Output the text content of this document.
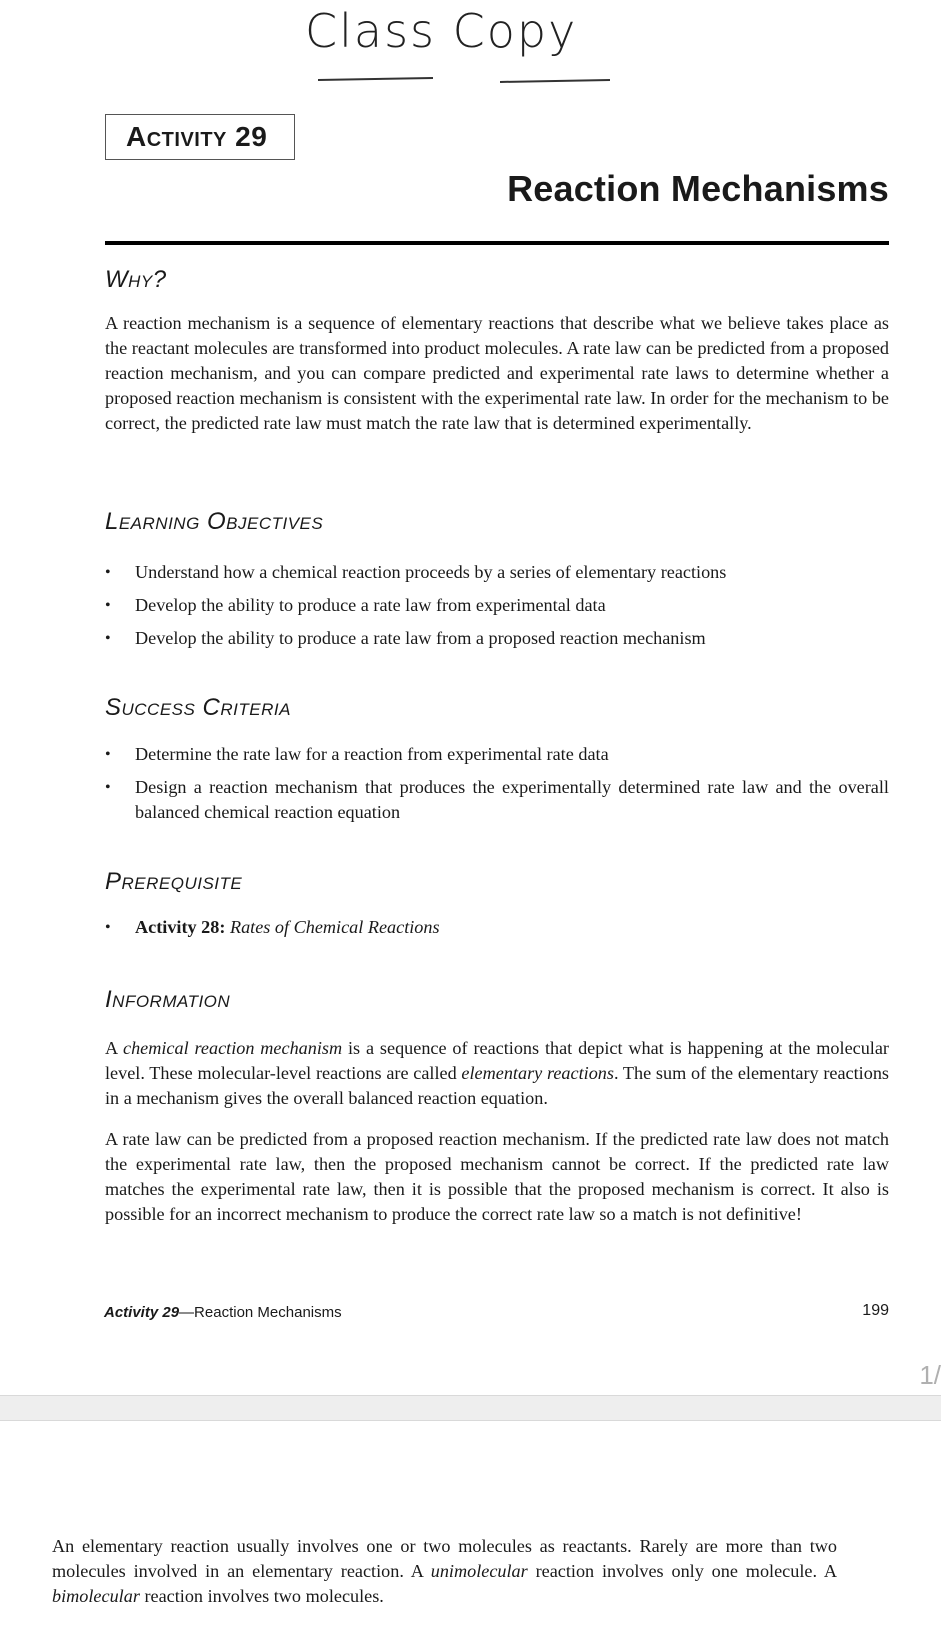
Class Copy
Activity 29
Reaction Mechanisms
Why?
A reaction mechanism is a sequence of elementary reactions that describe what we believe takes place as the reactant molecules are transformed into product molecules. A rate law can be predicted from a proposed reaction mechanism, and you can compare predicted and experimental rate laws to determine whether a proposed reaction mechanism is consistent with the experimental rate law. In order for the mechanism to be correct, the predicted rate law must match the rate law that is determined experimentally.
Learning Objectives
• Understand how a chemical reaction proceeds by a series of elementary reactions
• Develop the ability to produce a rate law from experimental data
• Develop the ability to produce a rate law from a proposed reaction mechanism
Success Criteria
• Determine the rate law for a reaction from experimental rate data
• Design a reaction mechanism that produces the experimentally determined rate law and the overall balanced chemical reaction equation
Prerequisite
• Activity 28: Rates of Chemical Reactions
Information
A chemical reaction mechanism is a sequence of reactions that depict what is happening at the molecular level. These molecular-level reactions are called elementary reactions. The sum of the elementary reactions in a mechanism gives the overall balanced reaction equation.
A rate law can be predicted from a proposed reaction mechanism. If the predicted rate law does not match the experimental rate law, then the proposed mechanism cannot be correct. If the predicted rate law matches the experimental rate law, then it is possible that the proposed mechanism is correct. It also is possible for an incorrect mechanism to produce the correct rate law so a match is not definitive!
Activity 29—Reaction Mechanisms	199
1/
An elementary reaction usually involves one or two molecules as reactants. Rarely are more than two molecules involved in an elementary reaction. A unimolecular reaction involves only one molecule. A bimolecular reaction involves two molecules.
